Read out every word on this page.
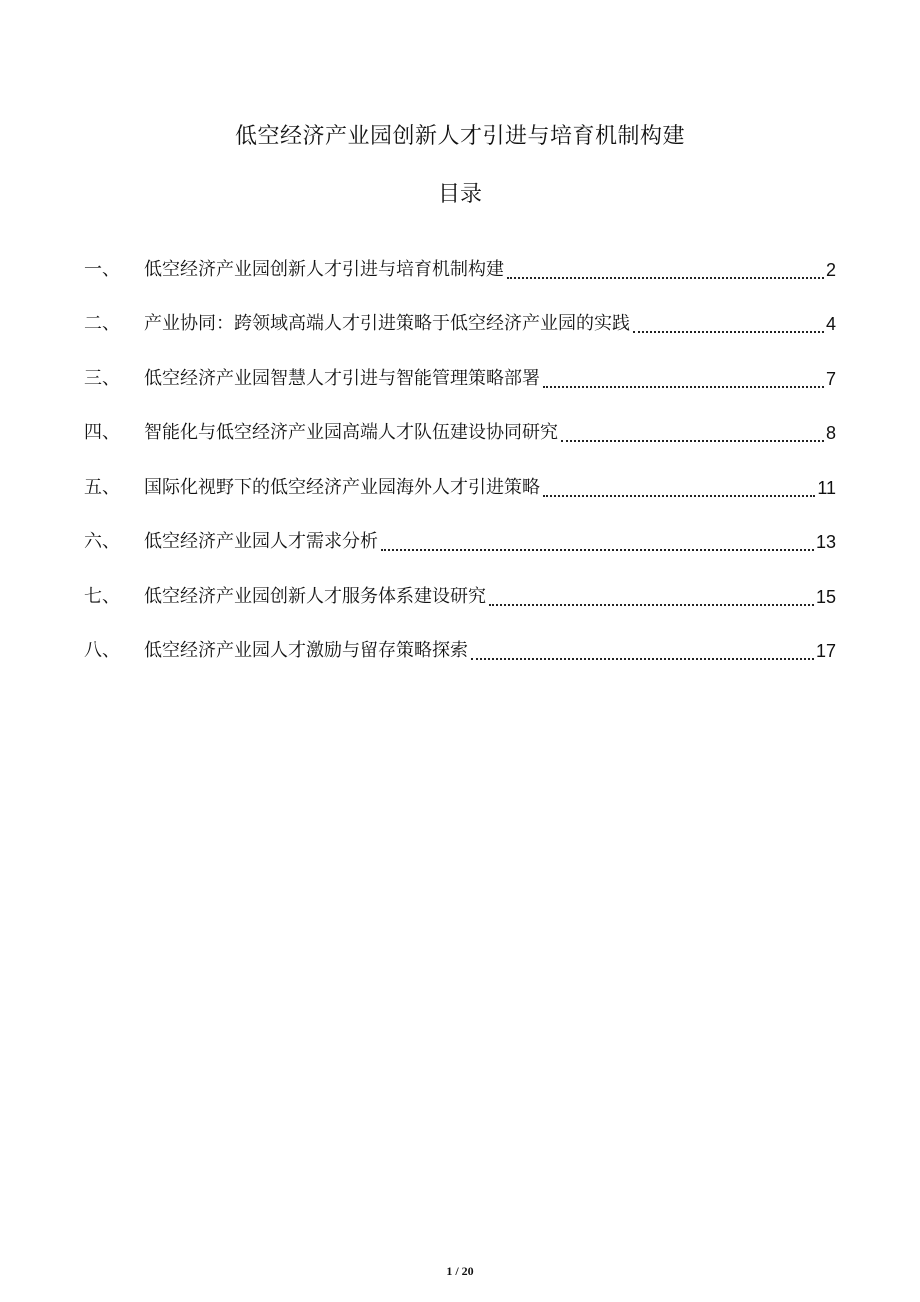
低空经济产业园创新人才引进与培育机制构建
目录
一、	低空经济产业园创新人才引进与培育机制构建	2
二、	产业协同：跨领域高端人才引进策略于低空经济产业园的实践	4
三、	低空经济产业园智慧人才引进与智能管理策略部署	7
四、	智能化与低空经济产业园高端人才队伍建设协同研究	8
五、	国际化视野下的低空经济产业园海外人才引进策略	11
六、	低空经济产业园人才需求分析	13
七、	低空经济产业园创新人才服务体系建设研究	15
八、	低空经济产业园人才激励与留存策略探索	17
1 / 20
